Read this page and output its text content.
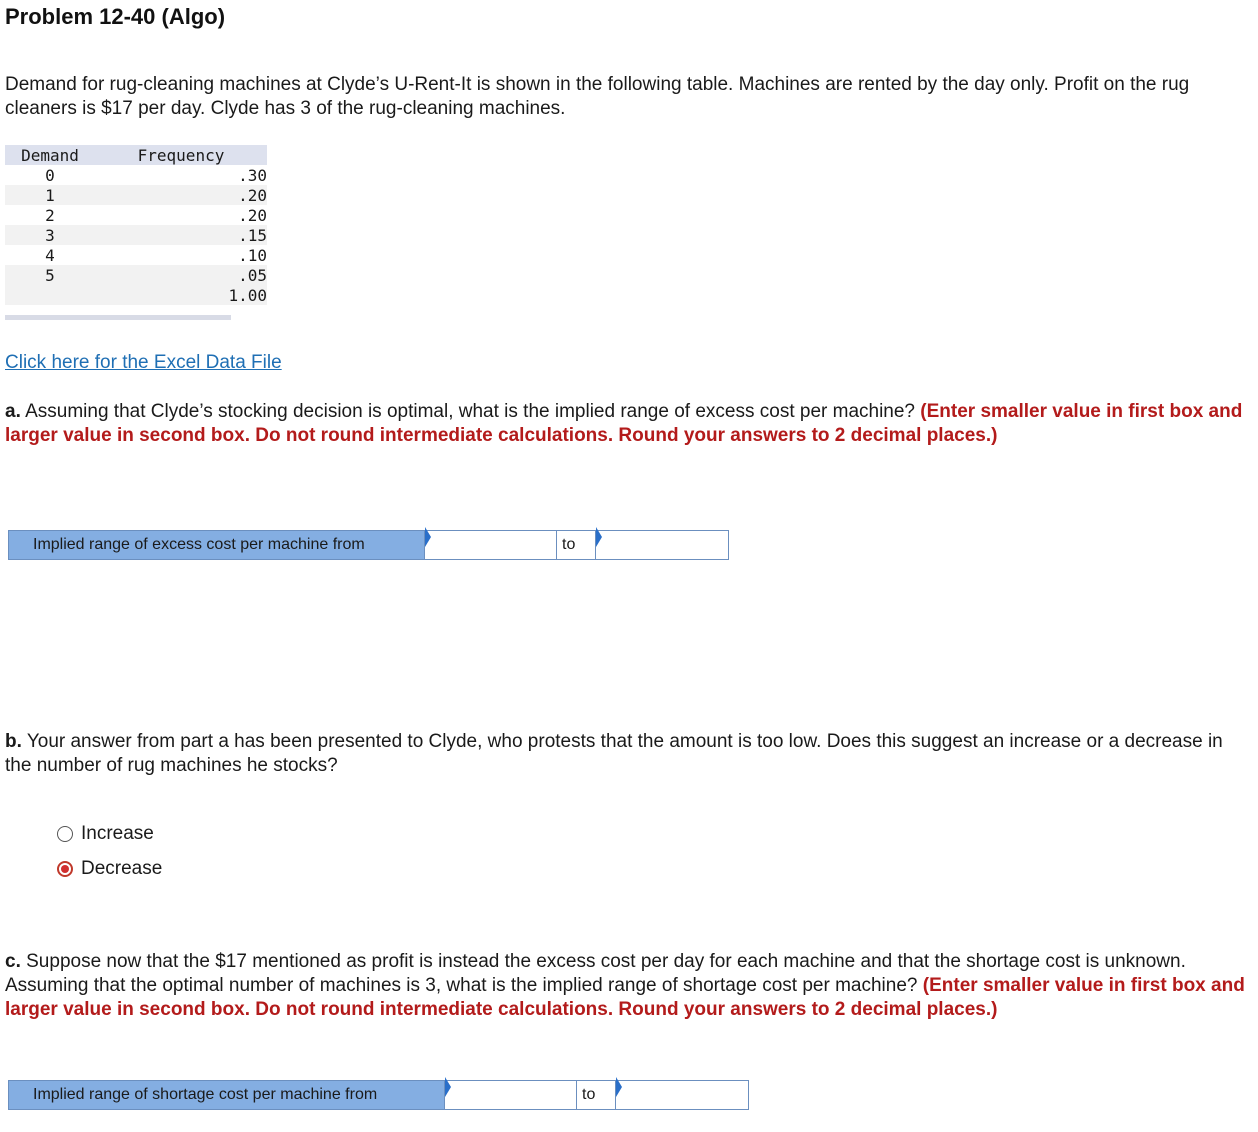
Problem 12-40 (Algo)
Demand for rug-cleaning machines at Clyde’s U-Rent-It is shown in the following table. Machines are rented by the day only. Profit on the rug cleaners is $17 per day. Clyde has 3 of the rug-cleaning machines.
Demand	Frequency
0	.30
1	.20
2	.20
3	.15
4	.10
5	.05
	1.00
Click here for the Excel Data File
a. Assuming that Clyde’s stocking decision is optimal, what is the implied range of excess cost per machine? (Enter smaller value in first box and larger value in second box. Do not round intermediate calculations. Round your answers to 2 decimal places.)
Implied range of excess cost per machine from	to
b. Your answer from part a has been presented to Clyde, who protests that the amount is too low. Does this suggest an increase or a decrease in the number of rug machines he stocks?
Increase
Decrease
c. Suppose now that the $17 mentioned as profit is instead the excess cost per day for each machine and that the shortage cost is unknown. Assuming that the optimal number of machines is 3, what is the implied range of shortage cost per machine? (Enter smaller value in first box and larger value in second box. Do not round intermediate calculations. Round your answers to 2 decimal places.)
Implied range of shortage cost per machine from	to
